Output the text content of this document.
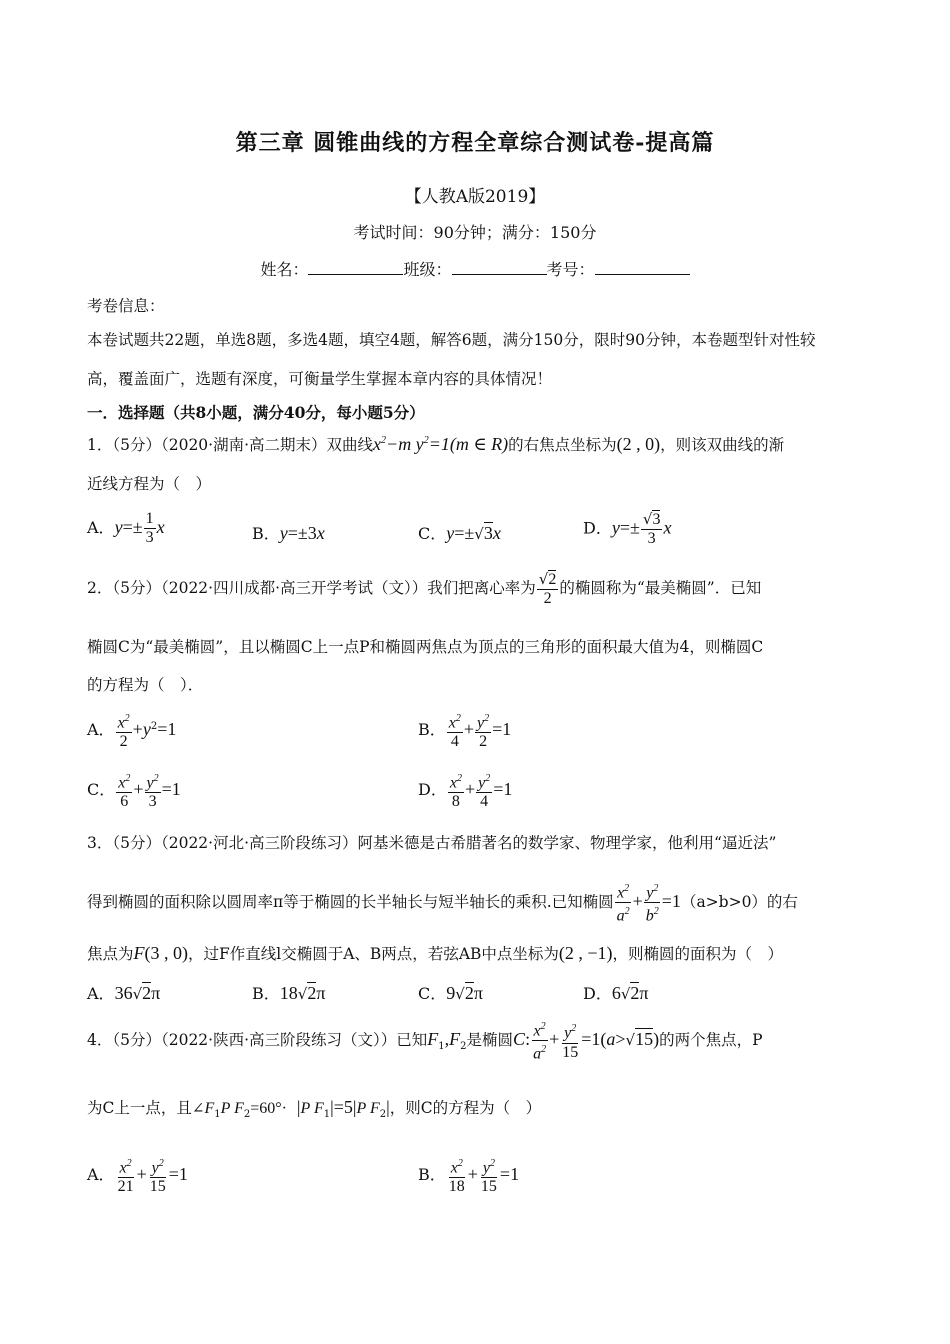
第三章 圆锥曲线的方程全章综合测试卷-提高篇
【人教A版2019】
考试时间：90分钟；满分：150分
姓名：	班级：	考号：
考卷信息：
本卷试题共22题，单选8题，多选4题，填空4题，解答6题，满分150分，限时90分钟，本卷题型针对性较
高，覆盖面广，选题有深度，可衡量学生掌握本章内容的具体情况！
一．选择题（共8小题，满分40分，每小题5分）
1．（5分）（2020·湖南·高二期末）双曲线$x^2-m$ $y^2=1(m$ ∈ R)的右焦点坐标为(2 , 0)，则该双曲线的渐
近线方程为（　）
A．$y=\pm \frac{1}{3}$ x	B．y=±3x	C．y=±√3x	D．$y=\pm \frac{√3}{3}$ x
2．（5分）（2022·四川成都·高三开学考试（文））我们把离心率为 $\frac{√2}{2}$ 的椭圆称为“最美椭圆”．已知
椭圆C为“最美椭圆”，且以椭圆C上一点P和椭圆两焦点为顶点的三角形的面积最大值为4，则椭圆C
的方程为（　）．
A． $\frac{x^2}{2} +y^2=1$	B． $\frac{x^2}{4} + \frac{y^2}{2} =1$
C． $\frac{x^2}{6} + \frac{y^2}{3} =1$	D． $\frac{x^2}{8} + \frac{y^2}{4} =1$
3．（5分）（2022·河北·高三阶段练习）阿基米德是古希腊著名的数学家、物理学家，他利用“逼近法”
得到椭圆的面积除以圆周率π等于椭圆的长半轴长与短半轴长的乘积.已知椭圆 $\frac{x^2}{a^2} + \frac{y^2}{b^2} =1(a>b>0)$的右
焦点为F(3 , 0)，过F作直线l交椭圆于A、B两点，若弦AB中点坐标为(2 , −1)，则椭圆的面积为（　）
A．36√2π	B．18√2π	C．9√2π	D．6√2π
4．（5分）（2022·陕西·高三阶段练习（文））已知$F_1,F_2$是椭圆C: $\frac{x^2}{a^2} + \frac{y^2}{15} =1(a>√15)$的两个焦点，P
为C上一点，且$\angle F_1P$ $F_2=60^\circ\cdot |P$ $F_1|=5|P$ $F_2|$，则C的方程为（　）
A． $\frac{x^2}{21} + \frac{y^2}{15} =1$	B． $\frac{x^2}{18} + \frac{y^2}{15} =1$
